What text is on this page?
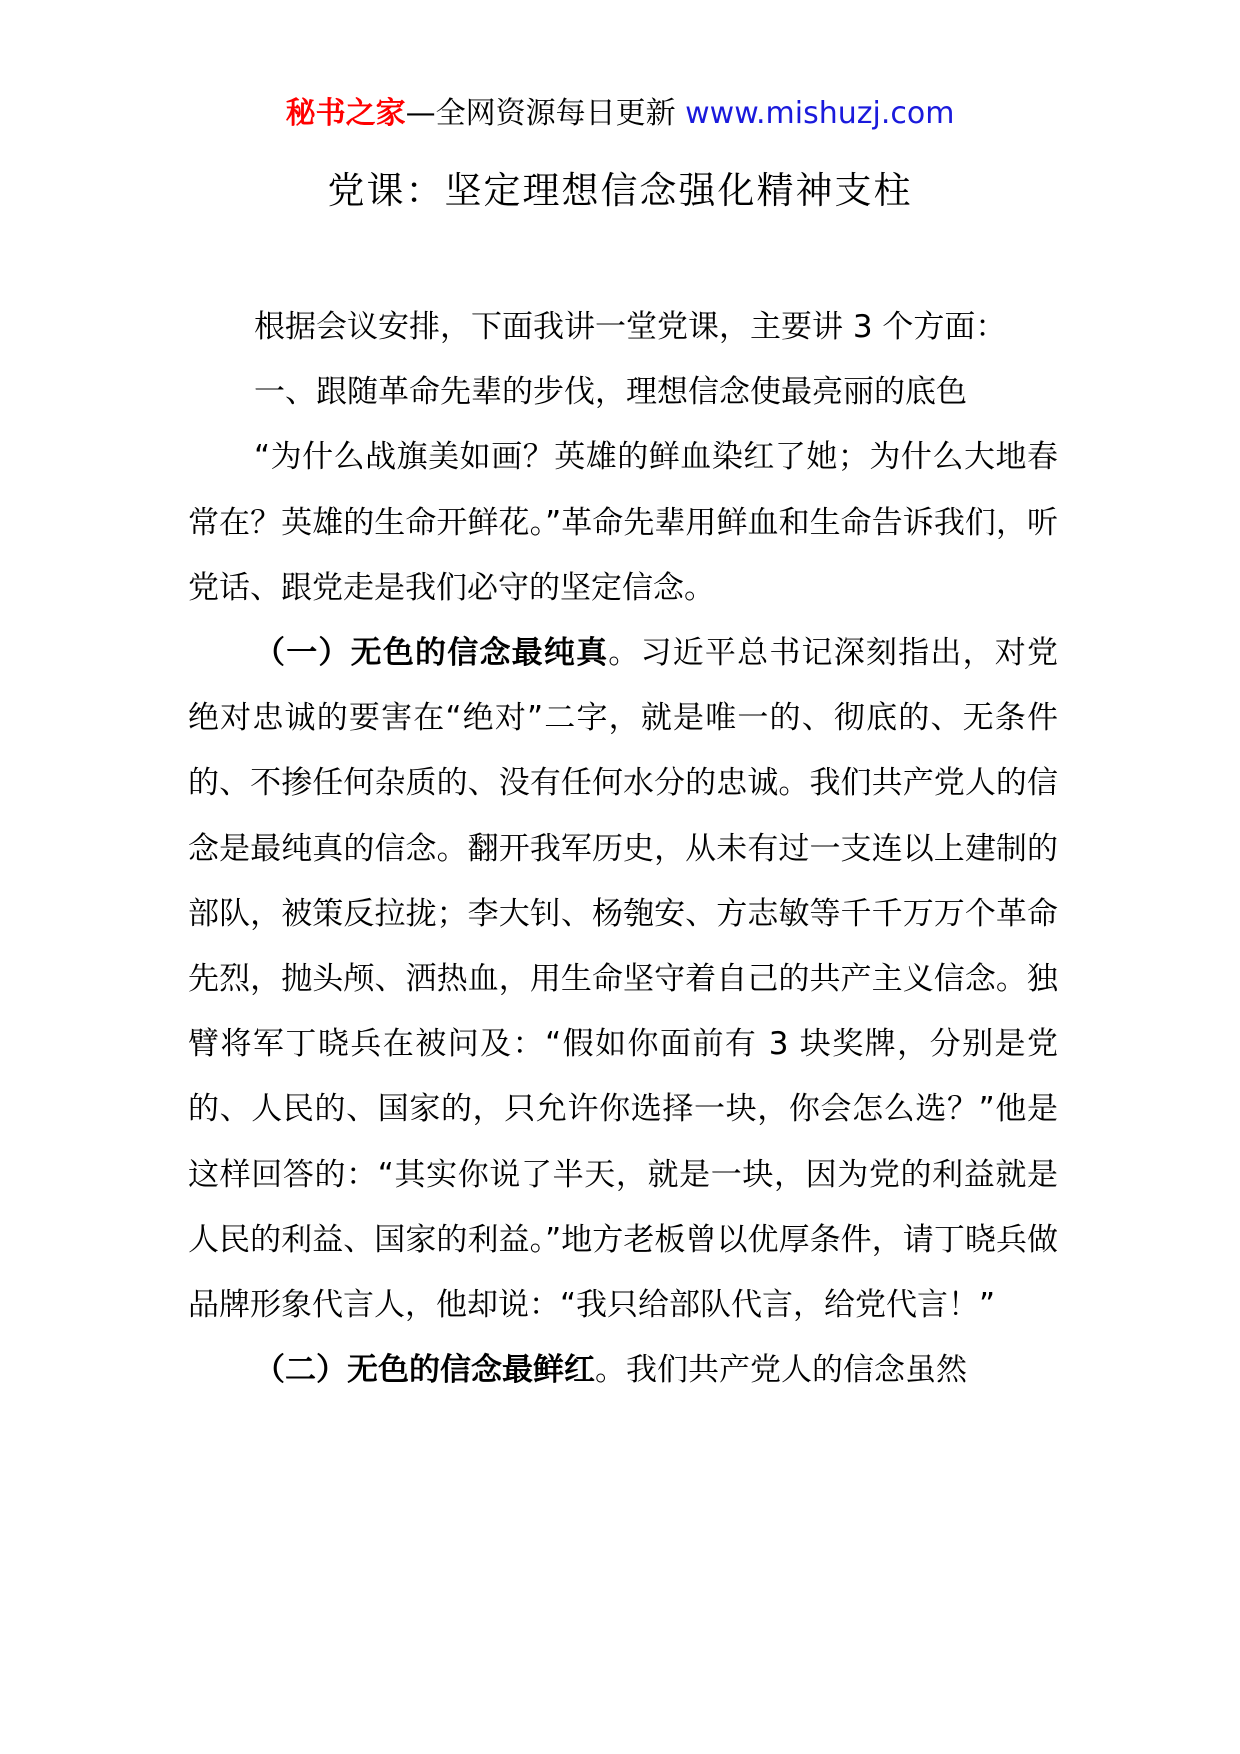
秘书之家—全网资源每日更新 www.mishuzj.com
党课：坚定理想信念强化精神支柱

根据会议安排，下面我讲一堂党课，主要讲 3 个方面：

一、跟随革命先辈的步伐，理想信念使最亮丽的底色

“为什么战旗美如画？英雄的鲜血染红了她；为什么大地春常在？英雄的生命开鲜花。”革命先辈用鲜血和生命告诉我们，听党话、跟党走是我们必守的坚定信念。

（一）无色的信念最纯真。习近平总书记深刻指出，对党绝对忠诚的要害在“绝对”二字，就是唯一的、彻底的、无条件的、不掺任何杂质的、没有任何水分的忠诚。我们共产党人的信念是最纯真的信念。翻开我军历史，从未有过一支连以上建制的部队，被策反拉拢；李大钊、杨匏安、方志敏等千千万万个革命先烈，抛头颅、洒热血，用生命坚守着自己的共产主义信念。独臂将军丁晓兵在被问及：“假如你面前有 3 块奖牌，分别是党的、人民的、国家的，只允许你选择一块，你会怎么选？”他是这样回答的：“其实你说了半天，就是一块，因为党的利益就是人民的利益、国家的利益。”地方老板曾以优厚条件，请丁晓兵做品牌形象代言人，他却说：“我只给部队代言，给党代言！”

（二）无色的信念最鲜红。我们共产党人的信念虽然
